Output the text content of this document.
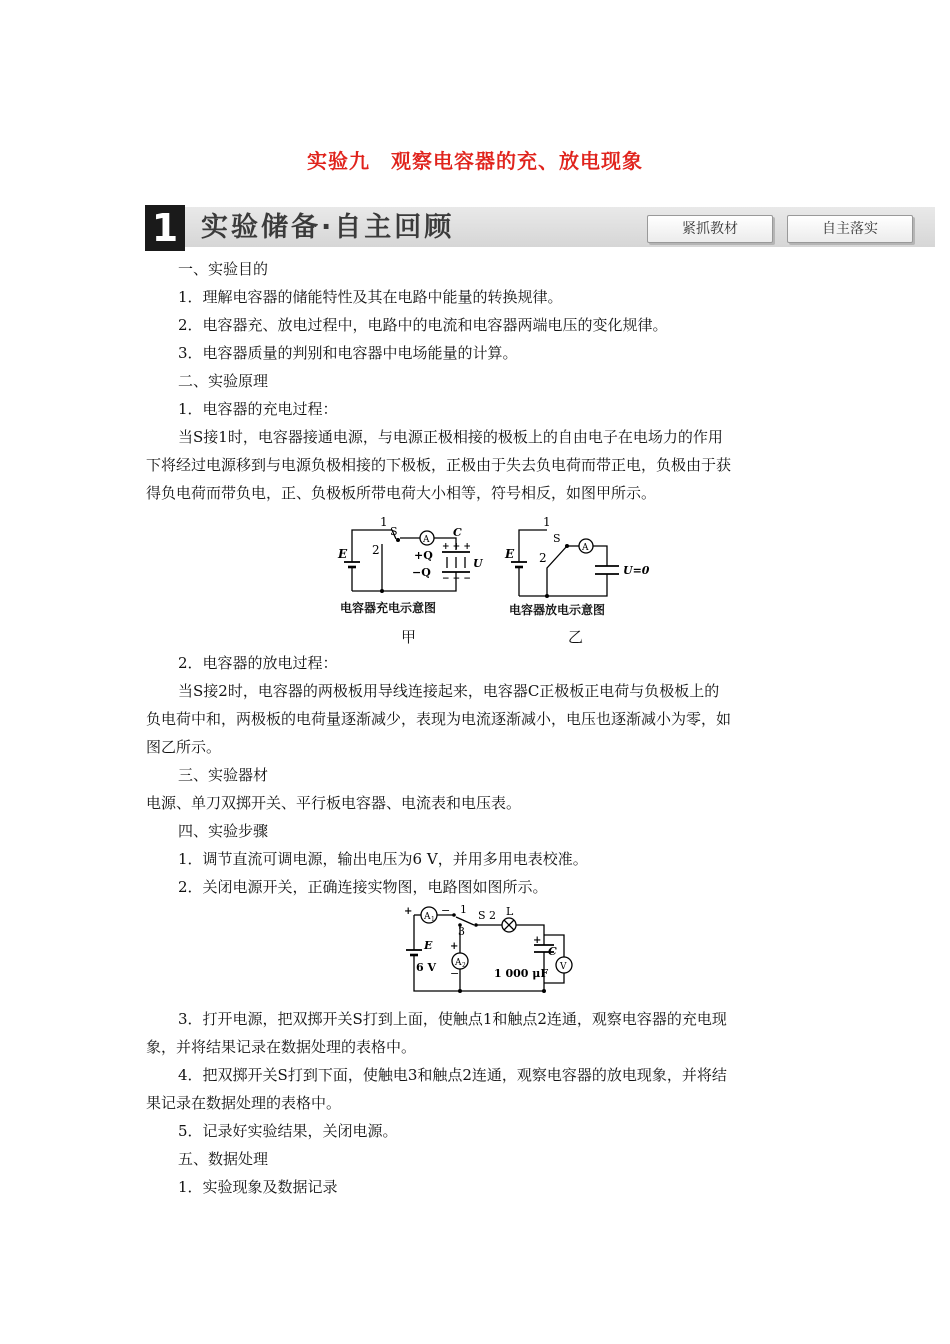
实验九　观察电容器的充、放电现象
1 实验储备·自主回顾	紧抓教材	自主落实
一、实验目的
1．理解电容器的储能特性及其在电路中能量的转换规律。
2．电容器充、放电过程中，电路中的电流和电容器两端电压的变化规律。
3．电容器质量的判别和电容器中电场能量的计算。
二、实验原理
1．电容器的充电过程：
当S接1时，电容器接通电源，与电源正极相接的极板上的自由电子在电场力的作用
下将经过电源移到与电源负极相接的下极板，正极由于失去负电荷而带正电，负极由于获
得负电荷而带负电，正、负极板所带电荷大小相等，符号相反，如图甲所示。
1
S
2
E
A
C
+Q
−Q
+ + +
− − −
U
电容器充电示意图
甲
1
S
2
E	A
U=0
电容器放电示意图
乙
2．电容器的放电过程：
当S接2时，电容器的两极板用导线连接起来，电容器C正极板正电荷与负极板上的
负电荷中和，两极板的电荷量逐渐减少，表现为电流逐渐减小，电压也逐渐减小为零，如
图乙所示。
三、实验器材
电源、单刀双掷开关、平行板电容器、电流表和电压表。
四、实验步骤
1．调节直流可调电源，输出电压为6 V，并用多用电表校准。
2．关闭电源开关，正确连接实物图，电路图如图所示。
+ A 1
− 1 S 2
3
L
+
A 2
−
E
6 V
+
C
1 000 μF V
3．打开电源，把双掷开关S打到上面，使触点1和触点2连通，观察电容器的充电现
象，并将结果记录在数据处理的表格中。
4．把双掷开关S打到下面，使触电3和触点2连通，观察电容器的放电现象，并将结
果记录在数据处理的表格中。
5．记录好实验结果，关闭电源。
五、数据处理
1．实验现象及数据记录
